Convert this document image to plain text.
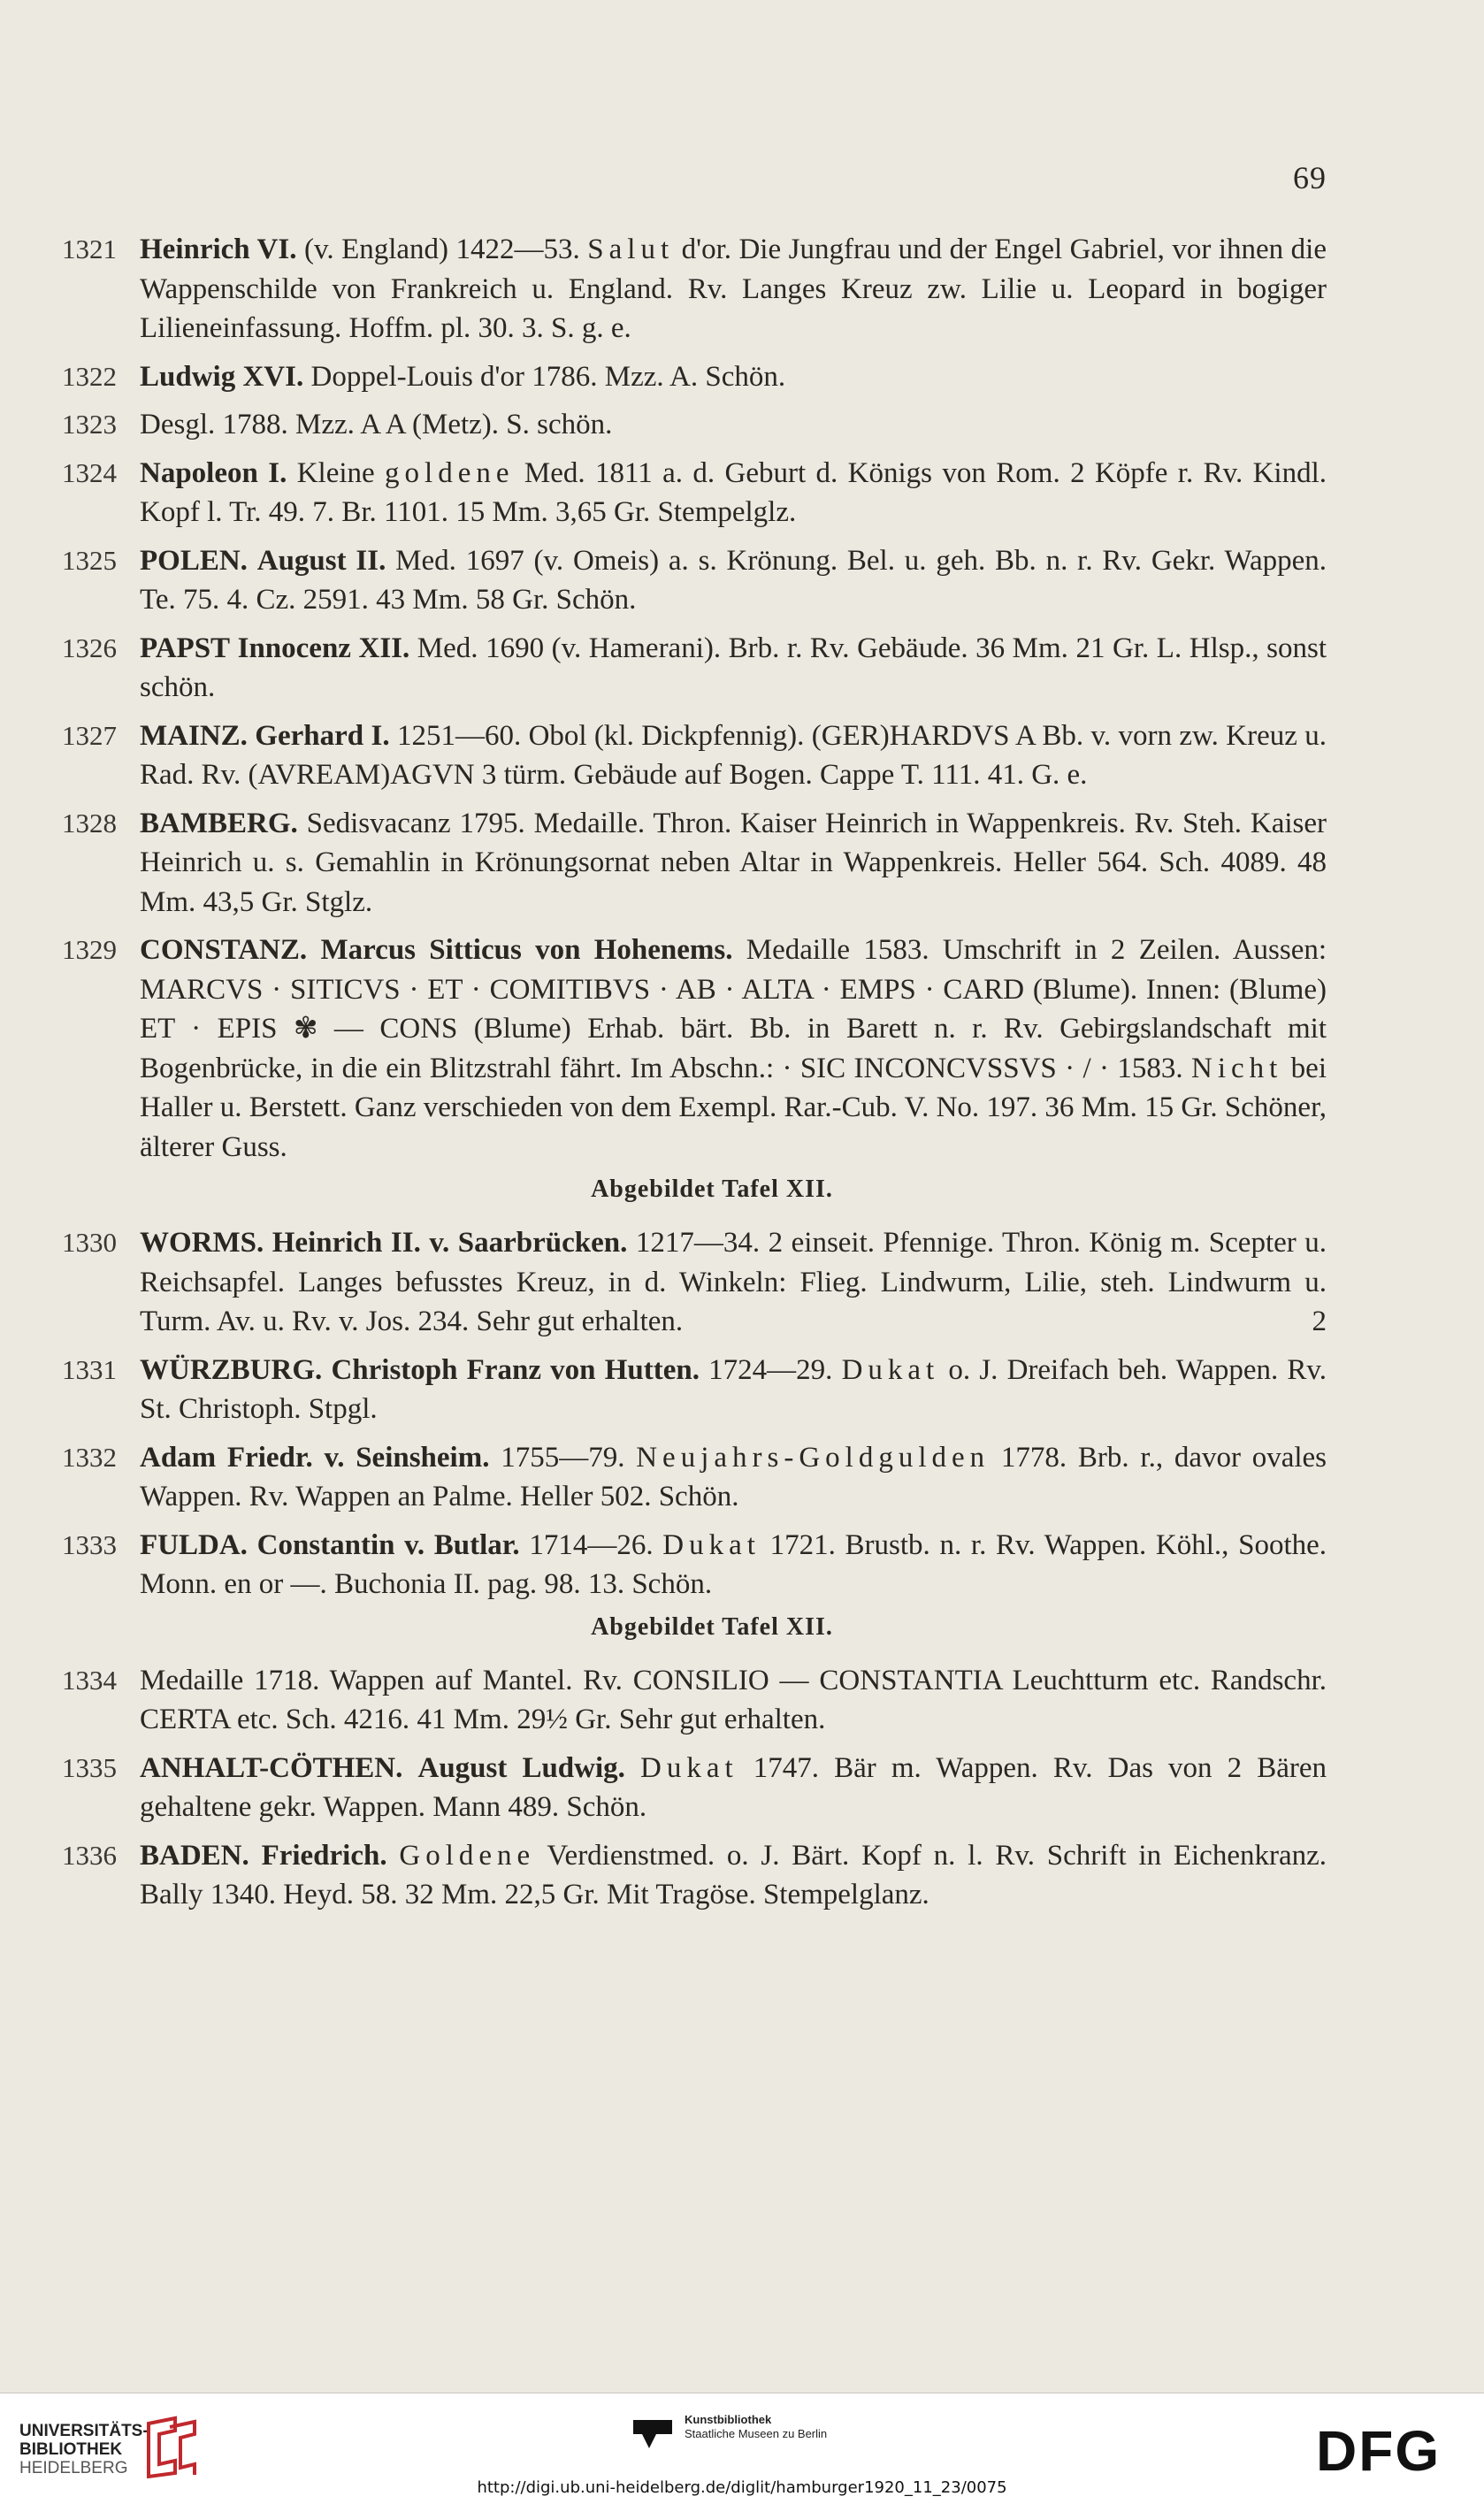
69
1321 Heinrich VI. (v. England) 1422—53. Salut d'or. Die Jungfrau und der Engel Gabriel, vor ihnen die Wappenschilde von Frankreich u. England. Rv. Langes Kreuz zw. Lilie u. Leopard in bogiger Lilieneinfassung. Hoffm. pl. 30. 3. S. g. e.
1322 Ludwig XVI. Doppel-Louis d'or 1786. Mzz. A. Schön.
1323 Desgl. 1788. Mzz. A A (Metz). S. schön.
1324 Napoleon I. Kleine goldene Med. 1811 a. d. Geburt d. Königs von Rom. 2 Köpfe r. Rv. Kindl. Kopf l. Tr. 49. 7. Br. 1101. 15 Mm. 3,65 Gr. Stempelglz.
1325 POLEN. August II. Med. 1697 (v. Omeis) a. s. Krönung. Bel. u. geh. Bb. n. r. Rv. Gekr. Wappen. Te. 75. 4. Cz. 2591. 43 Mm. 58 Gr. Schön.
1326 PAPST Innocenz XII. Med. 1690 (v. Hamerani). Brb. r. Rv. Gebäude. 36 Mm. 21 Gr. L. Hlsp., sonst schön.
1327 MAINZ. Gerhard I. 1251—60. Obol (kl. Dickpfennig). (GER)HARDVS A Bb. v. vorn zw. Kreuz u. Rad. Rv. (AVREAM)AGVN 3 türm. Gebäude auf Bogen. Cappe T. 111. 41. G. e.
1328 BAMBERG. Sedisvacanz 1795. Medaille. Thron. Kaiser Heinrich in Wappenkreis. Rv. Steh. Kaiser Heinrich u. s. Gemahlin in Krönungsornat neben Altar in Wappenkreis. Heller 564. Sch. 4089. 48 Mm. 43,5 Gr. Stglz.
1329 CONSTANZ. Marcus Sitticus von Hohenems. Medaille 1583. Umschrift in 2 Zeilen. Aussen: MARCVS · SITICVS · ET · COMITIBVS · AB · ALTA · EMPS · CARD (Blume). Innen: (Blume) ET · EPIS ✾ — CONS (Blume) Erhab. bärt. Bb. in Barett n. r. Rv. Gebirgslandschaft mit Bogenbrücke, in die ein Blitzstrahl fährt. Im Abschn.: · SIC INCONCVSSVS · / · 1583. Nicht bei Haller u. Berstett. Ganz verschieden von dem Exempl. Rar.-Cub. V. No. 197. 36 Mm. 15 Gr. Schöner, älterer Guss.
Abgebildet Tafel XII.
1330 WORMS. Heinrich II. v. Saarbrücken. 1217—34. 2 einseit. Pfennige. Thron. König m. Scepter u. Reichsapfel. Langes befusstes Kreuz, in d. Winkeln: Flieg. Lindwurm, Lilie, steh. Lindwurm u. Turm. Av. u. Rv. v. Jos. 234. Sehr gut erhalten.	2
1331 WÜRZBURG. Christoph Franz von Hutten. 1724—29. Dukat o. J. Dreifach beh. Wappen. Rv. St. Christoph. Stpgl.
1332 Adam Friedr. v. Seinsheim. 1755—79. Neujahrs-Goldgulden 1778. Brb. r., davor ovales Wappen. Rv. Wappen an Palme. Heller 502. Schön.
1333 FULDA. Constantin v. Butlar. 1714—26. Dukat 1721. Brustb. n. r. Rv. Wappen. Köhl., Soothe. Monn. en or —. Buchonia II. pag. 98. 13. Schön.
Abgebildet Tafel XII.
1334 Medaille 1718. Wappen auf Mantel. Rv. CONSILIO — CONSTANTIA Leuchtturm etc. Randschr. CERTA etc. Sch. 4216. 41 Mm. 29½ Gr. Sehr gut erhalten.
1335 ANHALT-CÖTHEN. August Ludwig. Dukat 1747. Bär m. Wappen. Rv. Das von 2 Bären gehaltene gekr. Wappen. Mann 489. Schön.
1336 BADEN. Friedrich. Goldene Verdienstmed. o. J. Bärt. Kopf n. l. Rv. Schrift in Eichenkranz. Bally 1340. Heyd. 58. 32 Mm. 22,5 Gr. Mit Tragöse. Stempelglanz.
UNIVERSITÄTS-
BIBLIOTHEK
HEIDELBERG
Kunstbibliothek
Staatliche Museen zu Berlin	DFG
http://digi.ub.uni-heidelberg.de/diglit/hamburger1920_11_23/0075
